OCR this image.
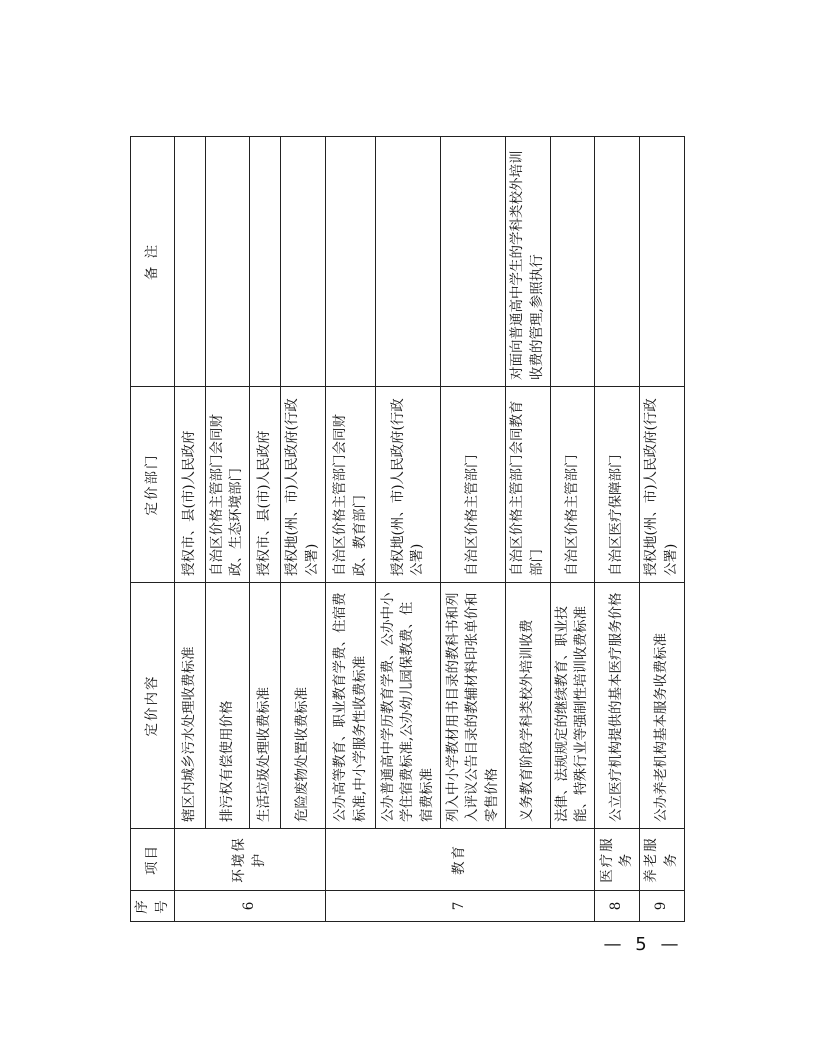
序号	项目	定价内容	定价部门	备 注
6	环境保护	辖区内城乡污水处理收费标准	授权市、县(市)人民政府	
		排污权有偿使用价格	自治区价格主管部门会同财政、生态环境部门	
		生活垃圾处理收费标准	授权市、县(市)人民政府	
		危险废物处置收费标准	授权地(州、市)人民政府(行政公署)	
7	教育	公办高等教育、职业教育学费、住宿费标准,中小学服务性收费标准	自治区价格主管部门会同财政、教育部门	
		公办普通高中学历教育学费、公办中小学住宿费标准,公办幼儿园保教费、住宿费标准	授权地(州、市)人民政府(行政公署)	
		列入中小学教材用书目录的教科书和列入评议公告目录的教辅材料印张单价和零售价格	自治区价格主管部门	
		义务教育阶段学科类校外培训收费	自治区价格主管部门会同教育部门	对面向普通高中学生的学科类校外培训收费的管理,参照执行
		法律、法规规定的继续教育、职业技能、特殊行业等强制性培训收费标准	自治区价格主管部门	
8	医疗服务	公立医疗机构提供的基本医疗服务价格	自治区医疗保障部门	
9	养老服务	公办养老机构基本服务收费标准	授权地(州、市)人民政府(行政公署)	
— 5 —
